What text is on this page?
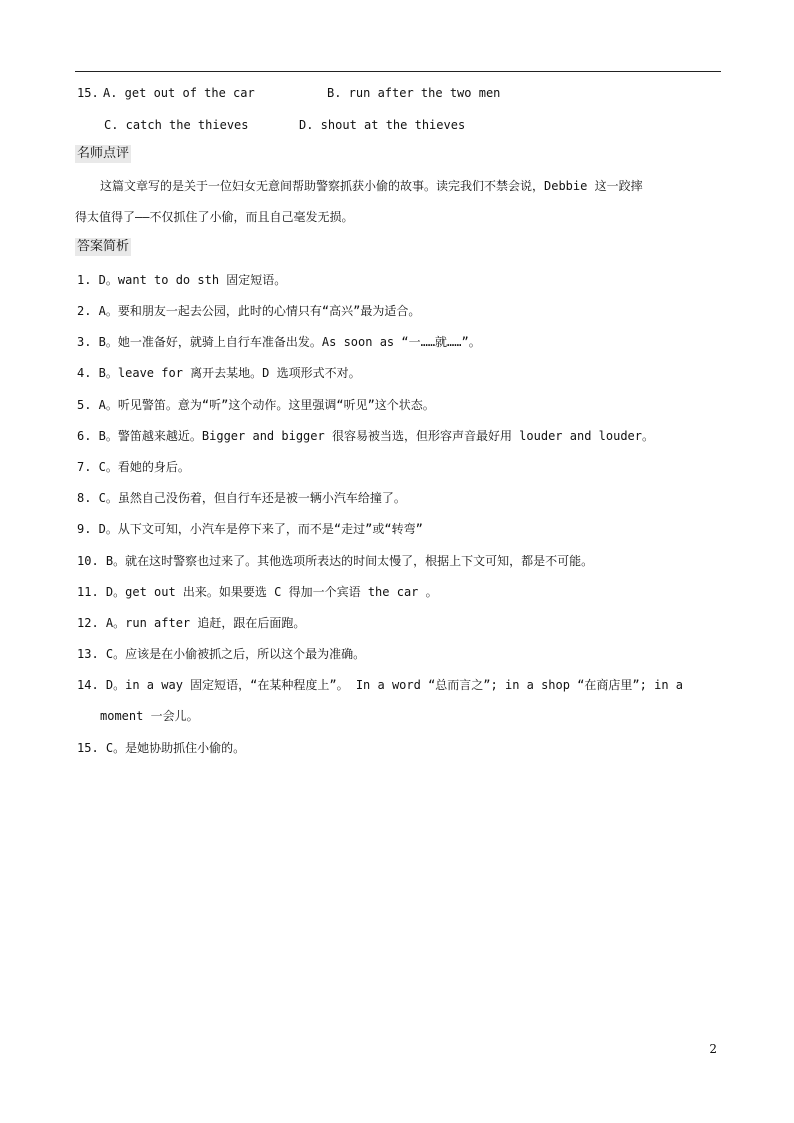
15. A. get out of the car	B. run after the two men
C. catch the thieves	D. shout at the thieves
名师点评
这篇文章写的是关于一位妇女无意间帮助警察抓获小偷的故事。读完我们不禁会说，Debbie 这一跤摔
得太值得了——不仅抓住了小偷，而且自己毫发无损。
答案简析
1. D。want to do sth 固定短语。
2. A。要和朋友一起去公园，此时的心情只有“高兴”最为适合。
3. B。她一准备好，就骑上自行车准备出发。As soon as “一……就……”。
4. B。leave for 离开去某地。D 选项形式不对。
5. A。听见警笛。意为“听”这个动作。这里强调“听见”这个状态。
6. B。警笛越来越近。Bigger and bigger 很容易被当选，但形容声音最好用 louder and louder。
7. C。看她的身后。
8. C。虽然自己没伤着，但自行车还是被一辆小汽车给撞了。
9. D。从下文可知，小汽车是停下来了，而不是“走过”或“转弯”
10. B。就在这时警察也过来了。其他选项所表达的时间太慢了，根据上下文可知，都是不可能。
11. D。get out 出来。如果要选 C 得加一个宾语 the car 。
12. A。run after 追赶，跟在后面跑。
13. C。应该是在小偷被抓之后，所以这个最为准确。
14. D。in a way 固定短语，“在某种程度上”。 In a word “总而言之”; in a shop “在商店里”; in a
moment 一会儿。
15. C。是她协助抓住小偷的。
2
